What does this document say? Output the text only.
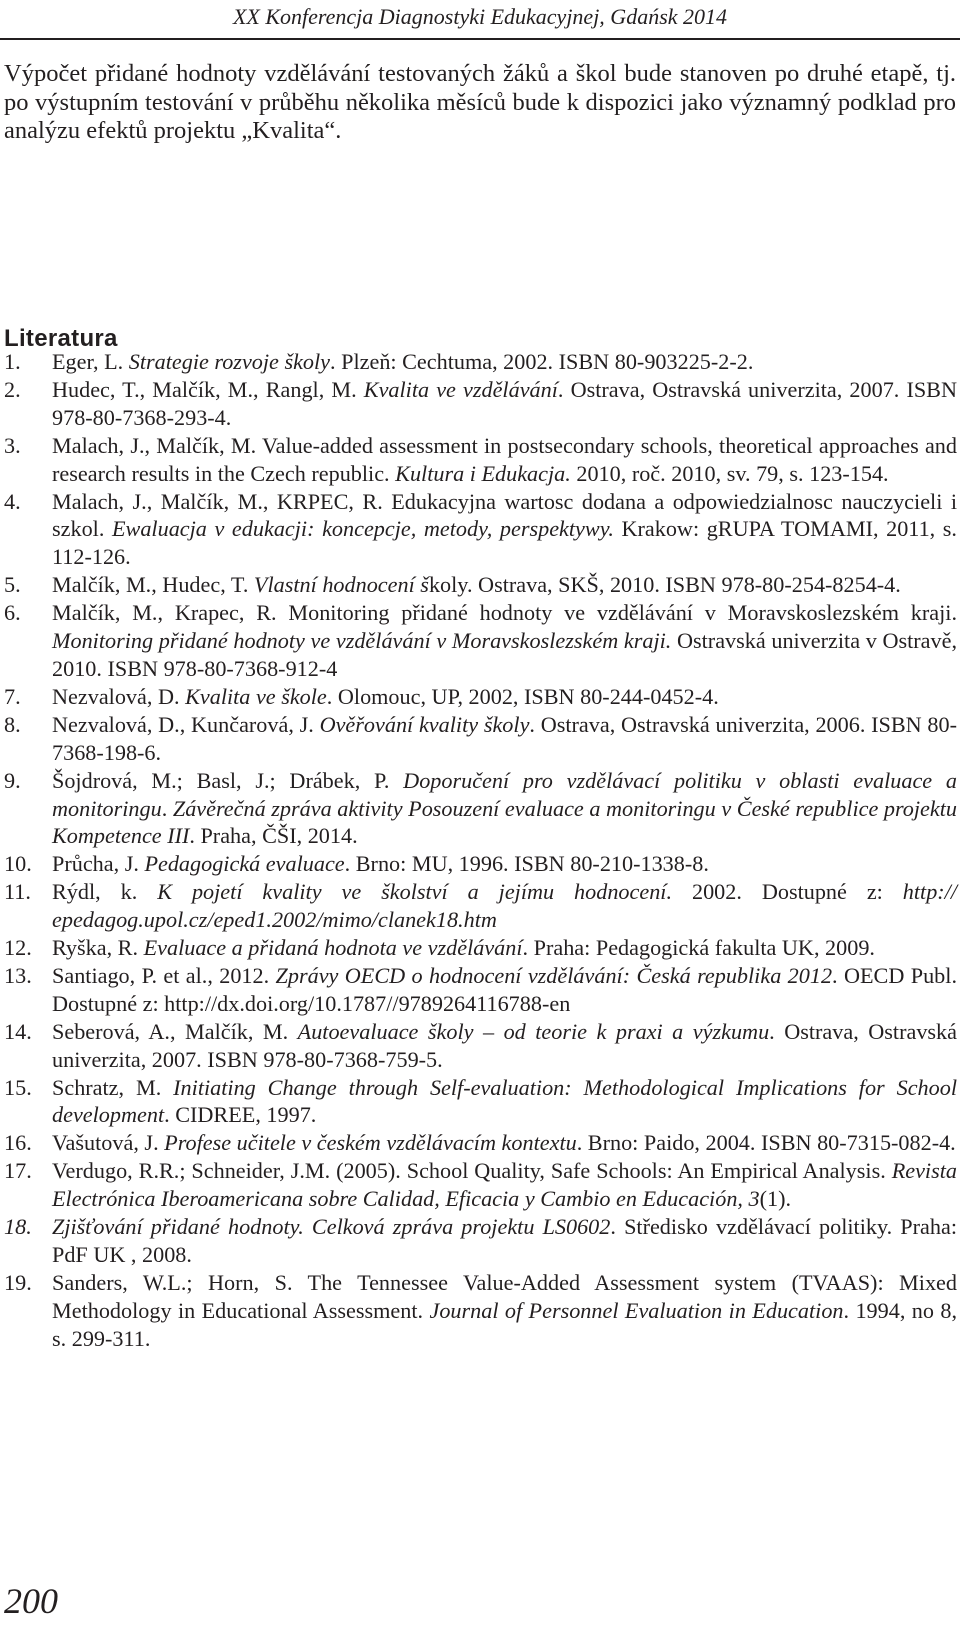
XX Konferencja Diagnostyki Edukacyjnej, Gdańsk 2014

Výpočet přidané hodnoty vzdělávání testovaných žáků a škol bude stanoven po druhé etapě, tj. po výstupním testování v průběhu několika měsíců bude k dispozici jako významný podklad pro analýzu efektů projektu „Kvalita“.

Literatura
1. Eger, L. Strategie rozvoje školy. Plzeň: Cechtuma, 2002. ISBN 80-903225-2-2.
2. Hudec, T., Malčík, M., Rangl, M. Kvalita ve vzdělávání. Ostrava, Ostravská univerzita, 2007. ISBN 978-80-7368-293-4.
3. Malach, J., Malčík, M. Value-added assessment in postsecondary schools, theoretical approaches and research results in the Czech republic. Kultura i Edukacja. 2010, roč. 2010, sv. 79, s. 123-154.
4. Malach, J., Malčík, M., KRPEC, R. Edukacyjna wartosc dodana a odpowiedzialnosc nauczycieli i szkol. Ewaluacja v edukacji: koncepcje, metody, perspektywy. Krakow: gRUPA TOMAMI, 2011, s. 112-126.
5. Malčík, M., Hudec, T. Vlastní hodnocení školy. Ostrava, SKŠ, 2010. ISBN 978-80-254-8254-4.
6. Malčík, M., Krapec, R. Monitoring přidané hodnoty ve vzdělávání v Moravskoslezském kraji. Monitoring přidané hodnoty ve vzdělávání v Moravskoslezském kraji. Ostravská univerzita v Ostravě, 2010. ISBN 978-80-7368-912-4
7. Nezvalová, D. Kvalita ve škole. Olomouc, UP, 2002, ISBN 80-244-0452-4.
8. Nezvalová, D., Kunčarová, J. Ověřování kvality školy. Ostrava, Ostravská univerzita, 2006. ISBN 80-7368-198-6.
9. Šojdrová, M.; Basl, J.; Drábek, P. Doporučení pro vzdělávací politiku v oblasti evaluace a monitoringu. Závěrečná zpráva aktivity Posouzení evaluace a monitoringu v České republice projektu Kompetence III. Praha, ČŠI, 2014.
10. Průcha, J. Pedagogická evaluace. Brno: MU, 1996. ISBN 80-210-1338-8.
11. Rýdl, k. K pojetí kvality ve školství a jejímu hodnocení. 2002. Dostupné z: http://​epedagog.upol.cz/eped1.2002/mimo/clanek18.htm
12. Ryška, R. Evaluace a přidaná hodnota ve vzdělávání. Praha: Pedagogická fakulta UK, 2009.
13. Santiago, P. et al., 2012. Zprávy OECD o hodnocení vzdělávání: Česká republika 2012. OECD Publ. Dostupné z: http://dx.doi.org/10.1787//9789264116788-en
14. Seberová, A., Malčík, M. Autoevaluace školy – od teorie k praxi a výzkumu. Ostrava, Ostravská univerzita, 2007. ISBN 978-80-7368-759-5.
15. Schratz, M. Initiating Change through Self-evaluation: Methodological Implications for School development. CIDREE, 1997.
16. Vašutová, J. Profese učitele v českém vzdělávacím kontextu. Brno: Paido, 2004. ISBN 80-7315-082-4.
17. Verdugo, R.R.; Schneider, J.M. (2005). School Quality, Safe Schools: An Empirical Analysis. Revista Electrónica Iberoamericana sobre Calidad, Eficacia y Cambio en Educación, 3(1).
18. Zjišťování přidané hodnoty. Celková zpráva projektu LS0602. Středisko vzdělávací politiky. Praha: PdF UK , 2008.
19. Sanders, W.L.; Horn, S. The Tennessee Value-Added Assessment system (TVAAS): Mixed Methodology in Educational Assessment. Journal of Personnel Evaluation in Education. 1994, no 8, s. 299-311.
200
